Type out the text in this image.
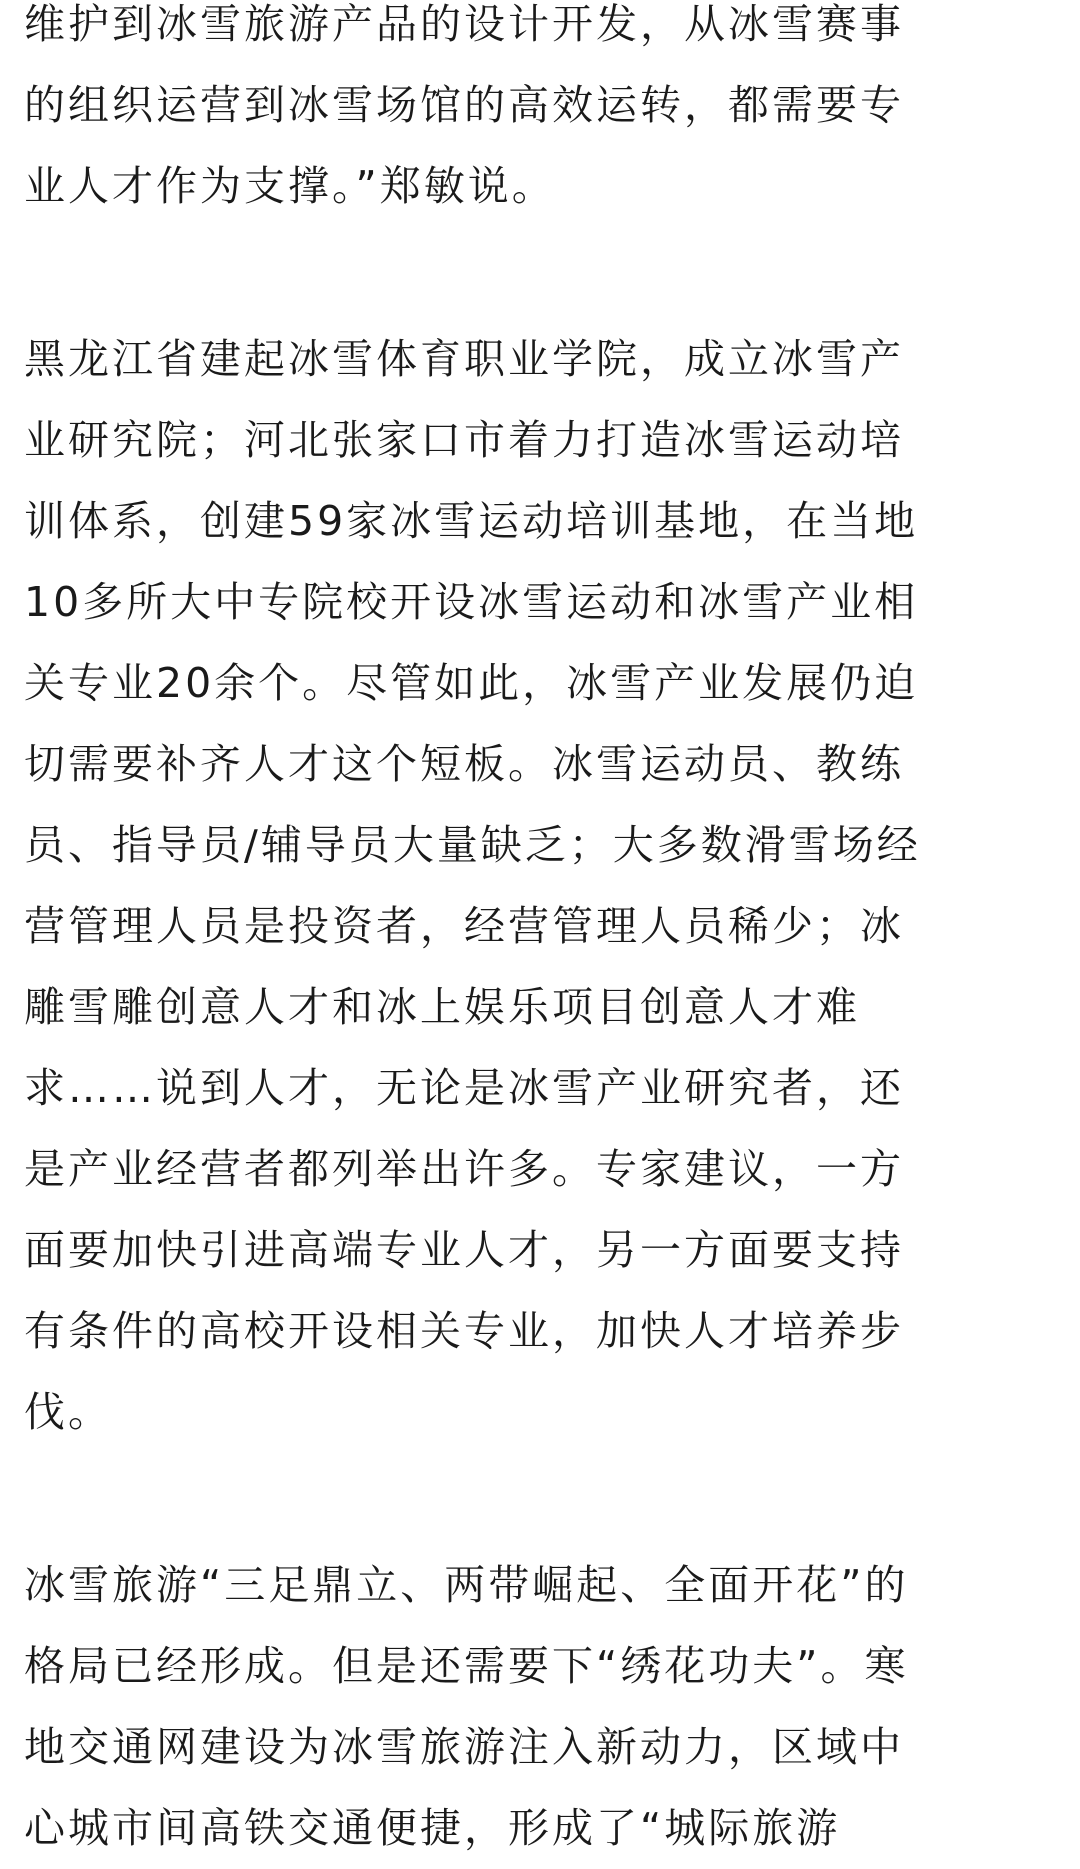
维护到冰雪旅游产品的设计开发，从冰雪赛事
的组织运营到冰雪场馆的高效运转，都需要专
业人才作为支撑。”郑敏说。
黑龙江省建起冰雪体育职业学院，成立冰雪产
业研究院；河北张家口市着力打造冰雪运动培
训体系，创建59家冰雪运动培训基地，在当地
10多所大中专院校开设冰雪运动和冰雪产业相
关专业20余个。尽管如此，冰雪产业发展仍迫
切需要补齐人才这个短板。冰雪运动员、教练
员、指导员/辅导员大量缺乏；大多数滑雪场经
营管理人员是投资者，经营管理人员稀少；冰
雕雪雕创意人才和冰上娱乐项目创意人才难
求……说到人才，无论是冰雪产业研究者，还
是产业经营者都列举出许多。专家建议，一方
面要加快引进高端专业人才，另一方面要支持
有条件的高校开设相关专业，加快人才培养步
伐。
冰雪旅游“三足鼎立、两带崛起、全面开花”的
格局已经形成。但是还需要下“绣花功夫”。寒
地交通网建设为冰雪旅游注入新动力，区域中
心城市间高铁交通便捷，形成了“城际旅游
